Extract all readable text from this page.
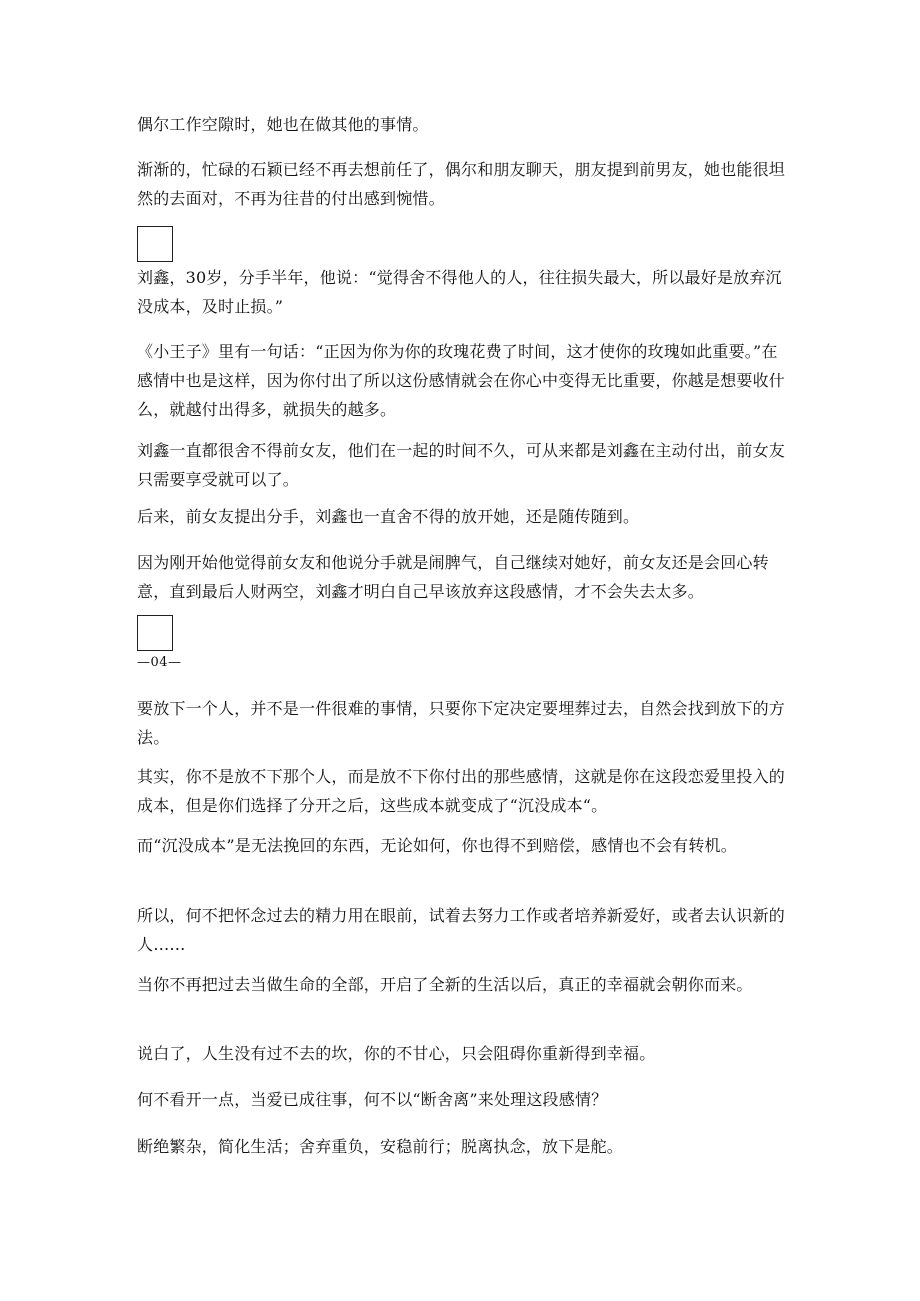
偶尔工作空隙时，她也在做其他的事情。

渐渐的，忙碌的石颖已经不再去想前任了，偶尔和朋友聊天，朋友提到前男友，她也能很坦然的去面对，不再为往昔的付出感到惋惜。

刘鑫，30岁，分手半年，他说：“觉得舍不得他人的人，往往损失最大，所以最好是放弃沉没成本，及时止损。”

《小王子》里有一句话：“正因为你为你的玫瑰花费了时间，这才使你的玫瑰如此重要。”在感情中也是这样，因为你付出了所以这份感情就会在你心中变得无比重要，你越是想要收什么，就越付出得多，就损失的越多。

刘鑫一直都很舍不得前女友，他们在一起的时间不久，可从来都是刘鑫在主动付出，前女友只需要享受就可以了。

后来，前女友提出分手，刘鑫也一直舍不得的放开她，还是随传随到。

因为刚开始他觉得前女友和他说分手就是闹脾气，自己继续对她好，前女友还是会回心转意，直到最后人财两空，刘鑫才明白自己早该放弃这段感情，才不会失去太多。

—04—

要放下一个人，并不是一件很难的事情，只要你下定决定要埋葬过去，自然会找到放下的方法。

其实，你不是放不下那个人，而是放不下你付出的那些感情，这就是你在这段恋爱里投入的成本，但是你们选择了分开之后，这些成本就变成了“沉没成本“。

而“沉没成本”是无法挽回的东西，无论如何，你也得不到赔偿，感情也不会有转机。

所以，何不把怀念过去的精力用在眼前，试着去努力工作或者培养新爱好，或者去认识新的人……

当你不再把过去当做生命的全部，开启了全新的生活以后，真正的幸福就会朝你而来。

说白了，人生没有过不去的坎，你的不甘心，只会阻碍你重新得到幸福。

何不看开一点，当爱已成往事，何不以“断舍离”来处理这段感情？

断绝繁杂，简化生活；舍弃重负，安稳前行；脱离执念，放下是舵。
